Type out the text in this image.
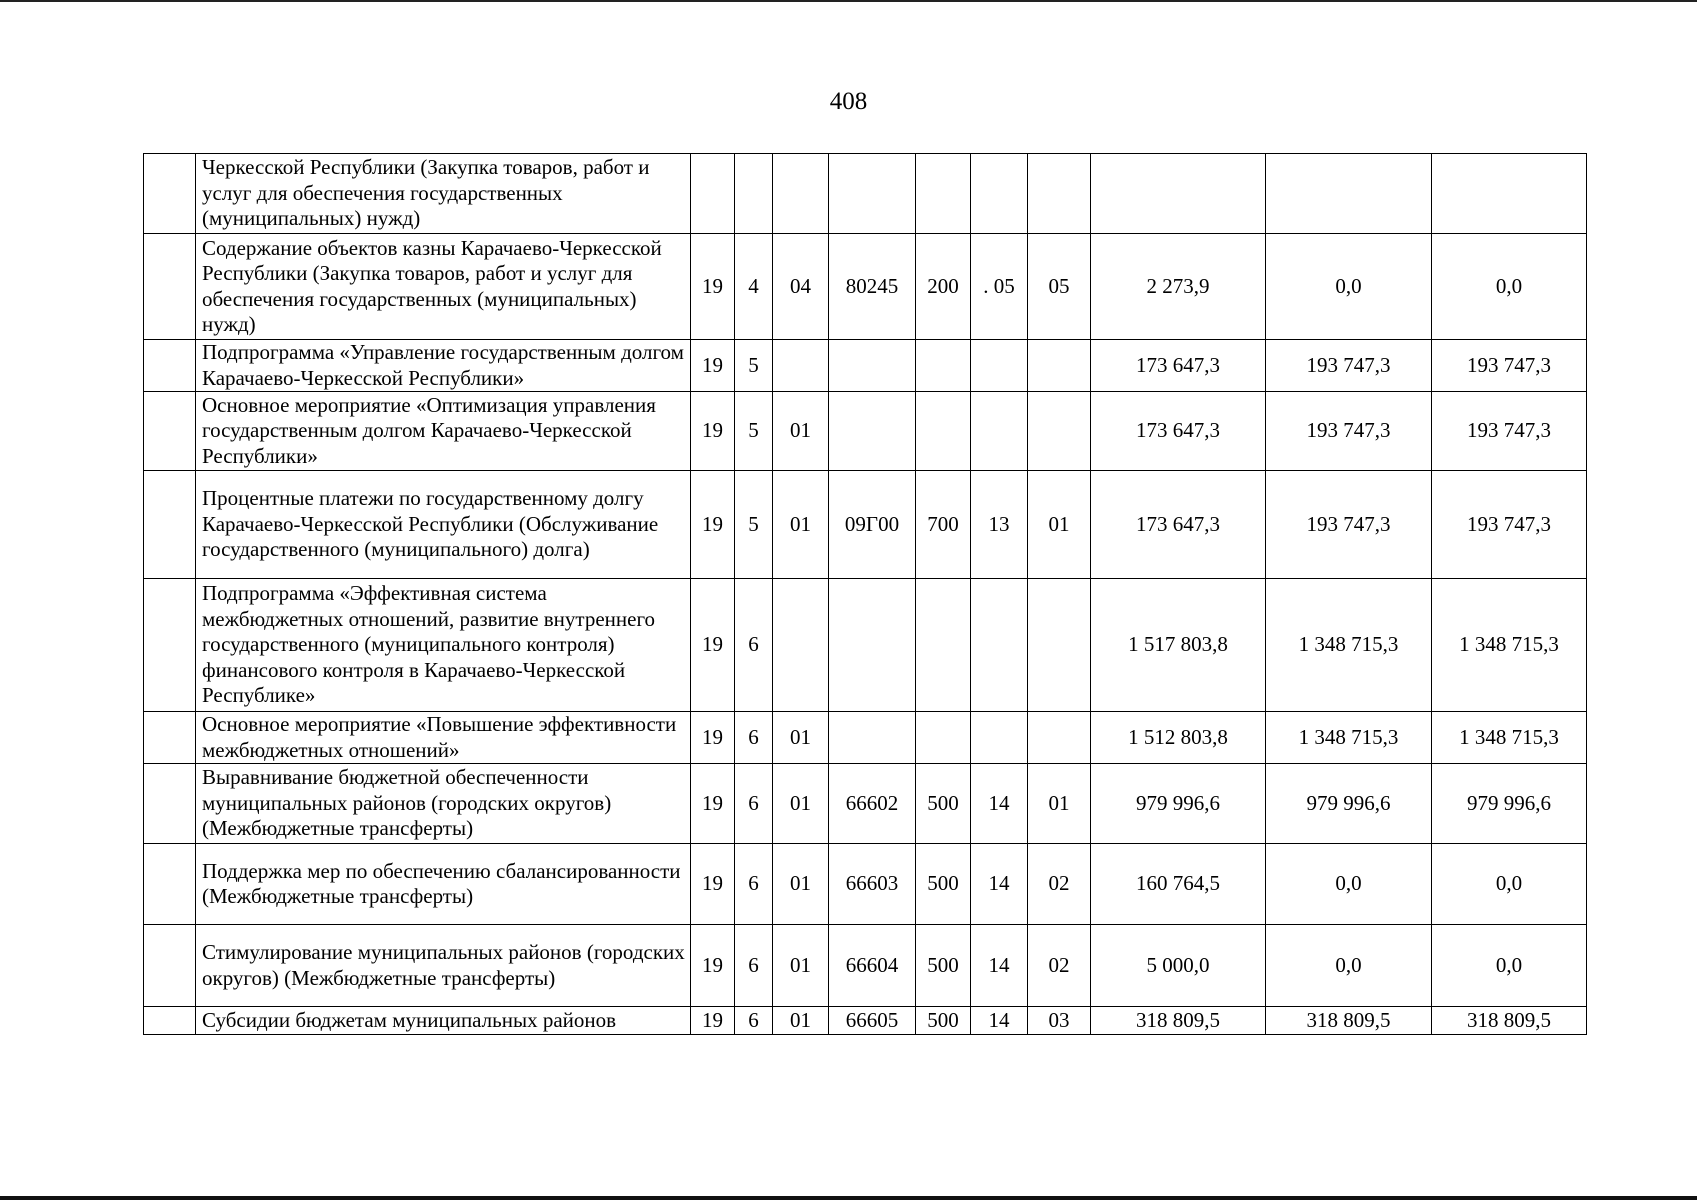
408
	Черкесской Республики (Закупка товаров, работ и услуг для обеспечения государственных (муниципальных) нужд)										
	Содержание объектов казны Карачаево-Черкесской Республики (Закупка товаров, работ и услуг для обеспечения государственных (муниципальных) нужд)	19	4	04	80245	200	. 05	05	2 273,9	0,0	0,0
	Подпрограмма «Управление государственным долгом Карачаево-Черкесской Республики»	19	5						173 647,3	193 747,3	193 747,3
	Основное мероприятие «Оптимизация управления государственным долгом Карачаево-Черкесской Республики»	19	5	01					173 647,3	193 747,3	193 747,3
	Процентные платежи по государственному долгу Карачаево-Черкесской Республики (Обслуживание государственного (муниципального) долга)	19	5	01	09Г00	700	13	01	173 647,3	193 747,3	193 747,3
	Подпрограмма «Эффективная система межбюджетных отношений, развитие внутреннего государственного (муниципального контроля) финансового контроля в Карачаево-Черкесской Республике»	19	6						1 517 803,8	1 348 715,3	1 348 715,3
	Основное мероприятие «Повышение эффективности межбюджетных отношений»	19	6	01					1 512 803,8	1 348 715,3	1 348 715,3
	Выравнивание бюджетной обеспеченности муниципальных районов (городских округов) (Межбюджетные трансферты)	19	6	01	66602	500	14	01	979 996,6	979 996,6	979 996,6
	Поддержка мер по обеспечению сбалансированности (Межбюджетные трансферты)	19	6	01	66603	500	14	02	160 764,5	0,0	0,0
	Стимулирование муниципальных районов (городских округов) (Межбюджетные трансферты)	19	6	01	66604	500	14	02	5 000,0	0,0	0,0
	Субсидии бюджетам муниципальных районов	19	6	01	66605	500	14	03	318 809,5	318 809,5	318 809,5
